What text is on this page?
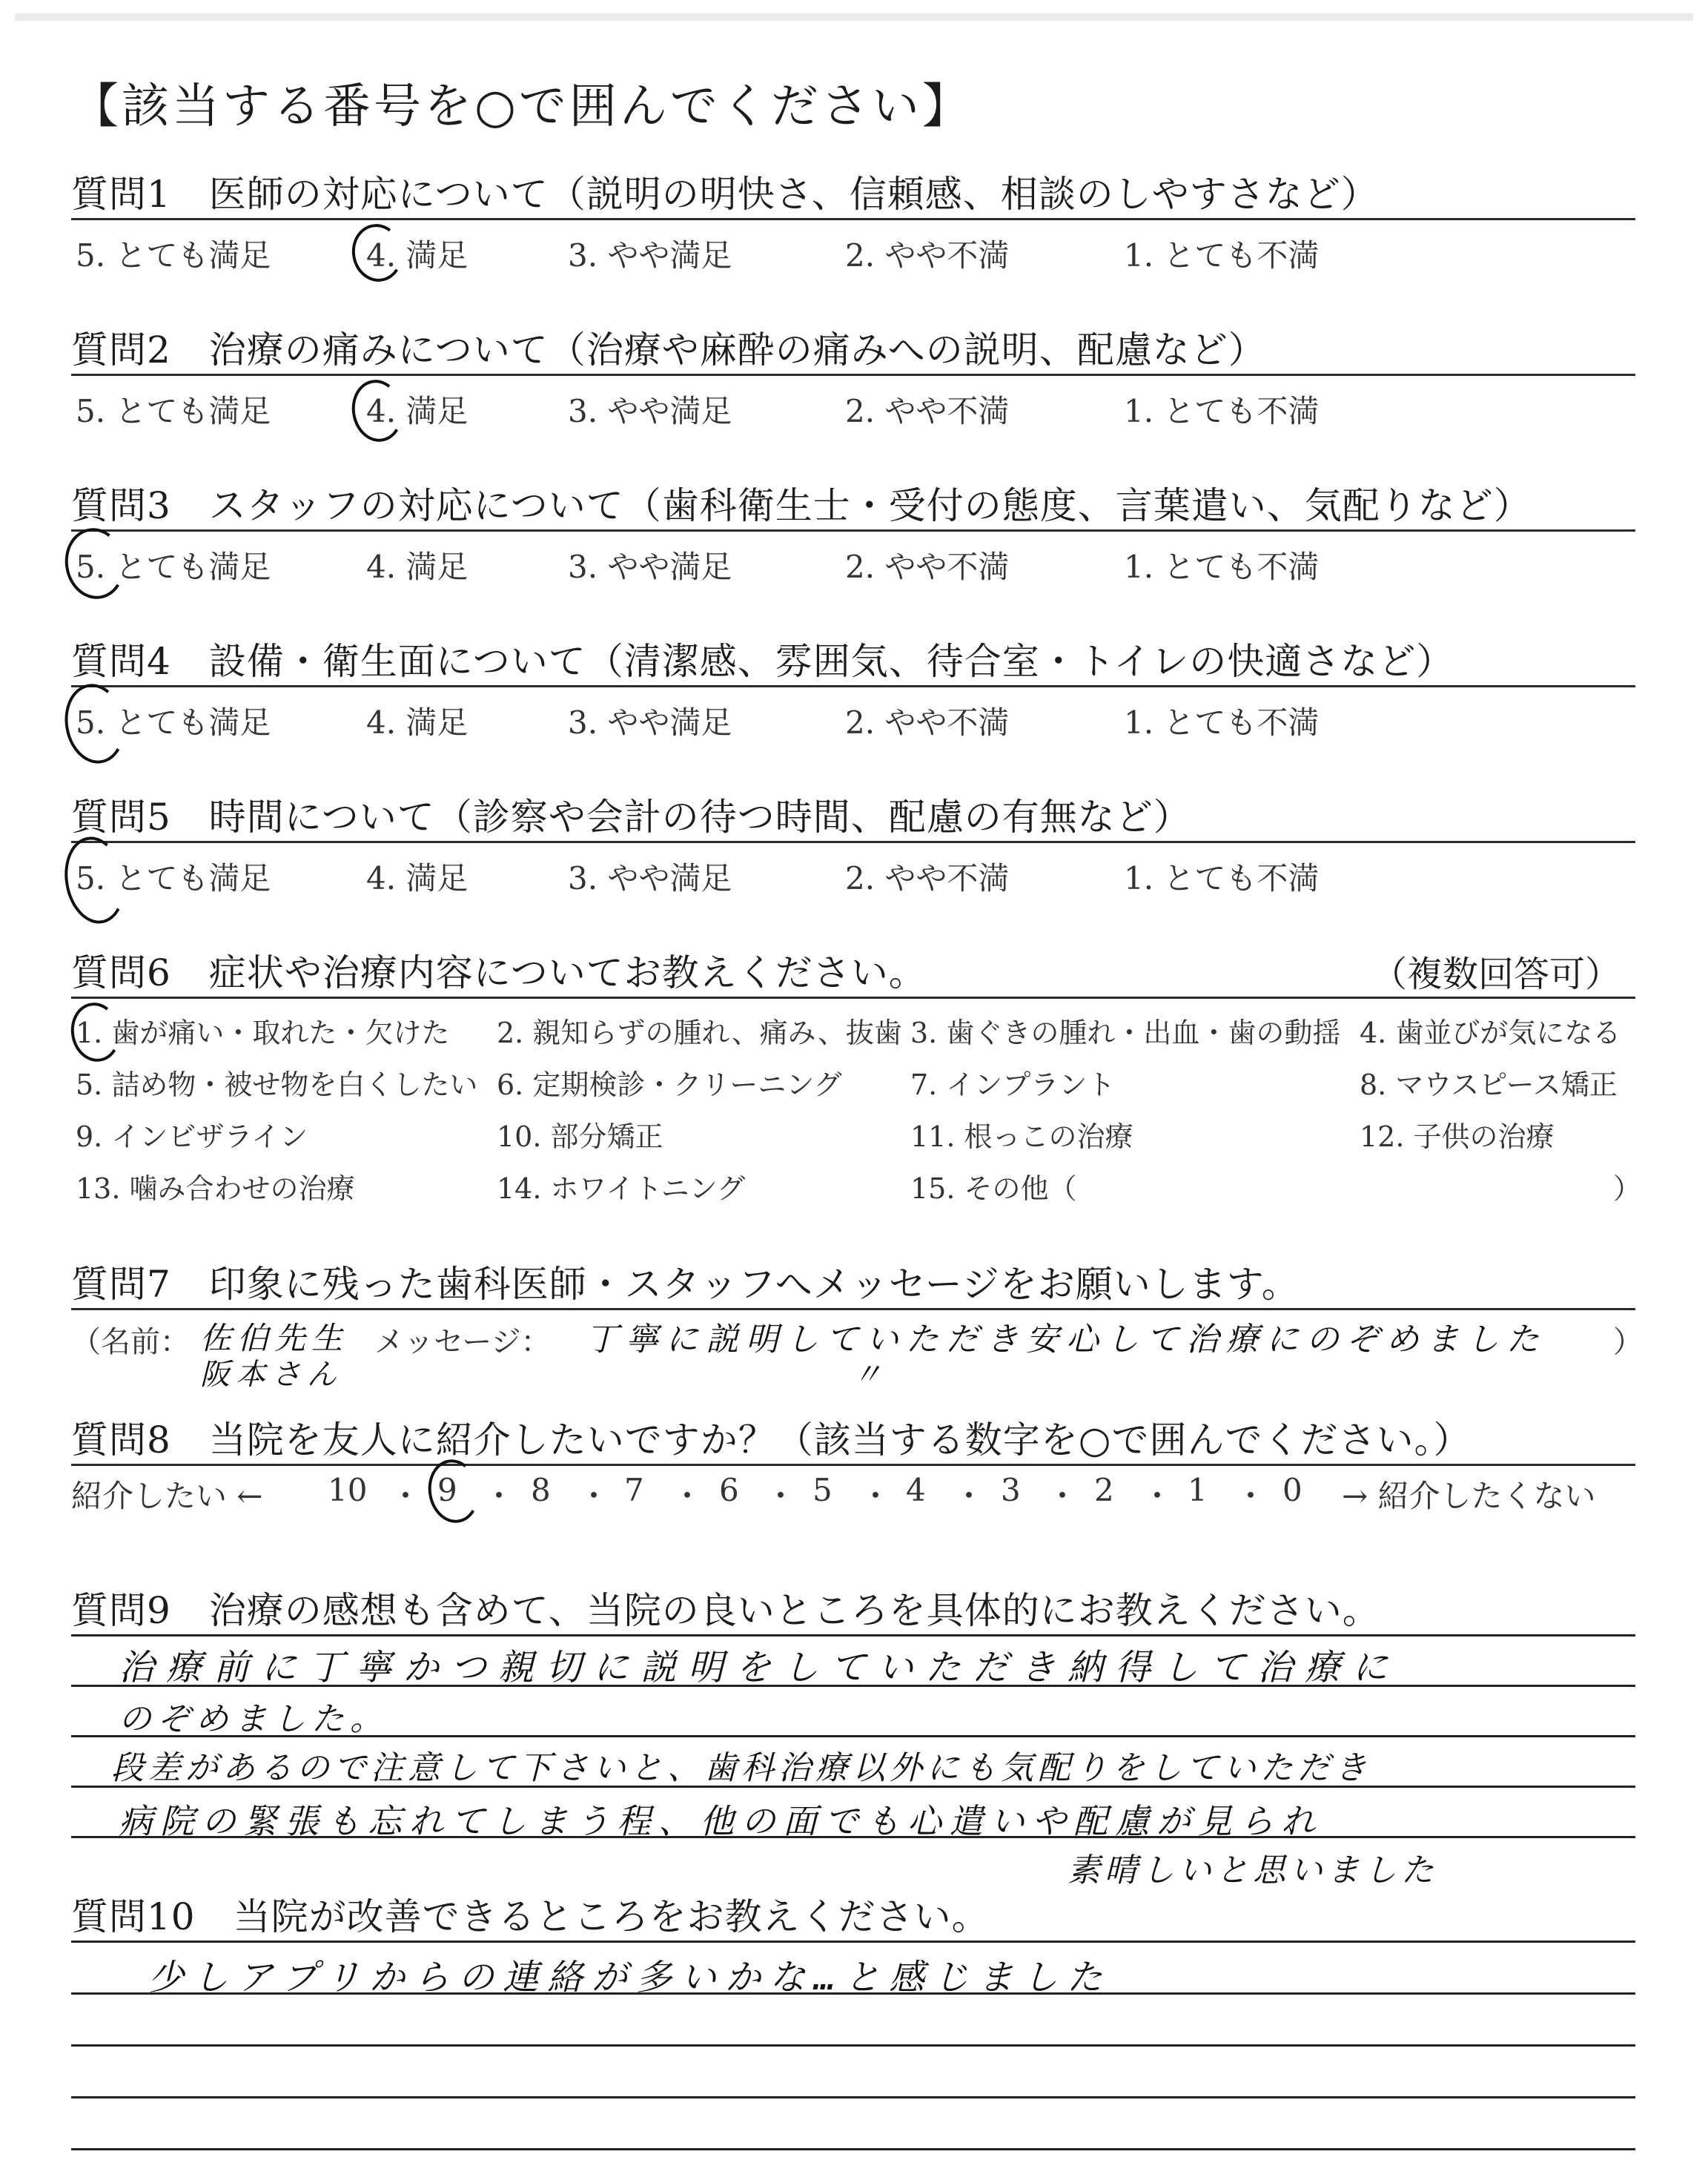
【該当する番号を○で囲んでください】
質問1　医師の対応について（説明の明快さ、信頼感、相談のしやすさなど）
5. とても満足	4. 満足	3. やや満足	2. やや不満	1. とても不満
質問2　治療の痛みについて（治療や麻酔の痛みへの説明、配慮など）
5. とても満足	4. 満足	3. やや満足	2. やや不満	1. とても不満
質問3　スタッフの対応について（歯科衛生士・受付の態度、言葉遣い、気配りなど）
5. とても満足	4. 満足	3. やや満足	2. やや不満	1. とても不満
質問4　設備・衛生面について（清潔感、雰囲気、待合室・トイレの快適さなど）
5. とても満足	4. 満足	3. やや満足	2. やや不満	1. とても不満
質問5　時間について（診察や会計の待つ時間、配慮の有無など）
5. とても満足	4. 満足	3. やや満足	2. やや不満	1. とても不満
質問6　症状や治療内容についてお教えください。	（複数回答可）
1. 歯が痛い・取れた・欠けた 2. 親知らずの腫れ、痛み、抜歯 3. 歯ぐきの腫れ・出血・歯の動揺 4. 歯並びが気になる
5. 詰め物・被せ物を白くしたい 6. 定期検診・クリーニング 7. インプラント	8. マウスピース矯正
9. インビザライン	10. 部分矯正	11. 根っこの治療	12. 子供の治療
13. 噛み合わせの治療	14. ホワイトニング	15. その他（	）
質問7　印象に残った歯科医師・スタッフへメッセージをお願いします。
（名前： 佐伯先生
阪本さん
メッセージ： 丁寧に説明していただき安心して治療にのぞめました
〃
）
質問8　当院を友人に紹介したいですか？（該当する数字を○で囲んでください。）
紹介したい ← 10 ・ 9 ・ 8 ・ 7 ・ 6 ・ 5 ・ 4 ・ 3 ・ 2 ・ 1 ・ 0 → 紹介したくない
質問9　治療の感想も含めて、当院の良いところを具体的にお教えください。
治療前に丁寧かつ親切に説明をしていただき納得して治療に
のぞめました。
段差があるので注意して下さいと、歯科治療以外にも気配りをしていただき
病院の緊張も忘れてしまう程、他の面でも心遣いや配慮が見られ
素晴しいと思いました
質問10　当院が改善できるところをお教えください。
少しアプリからの連絡が多いかな…と感じました
